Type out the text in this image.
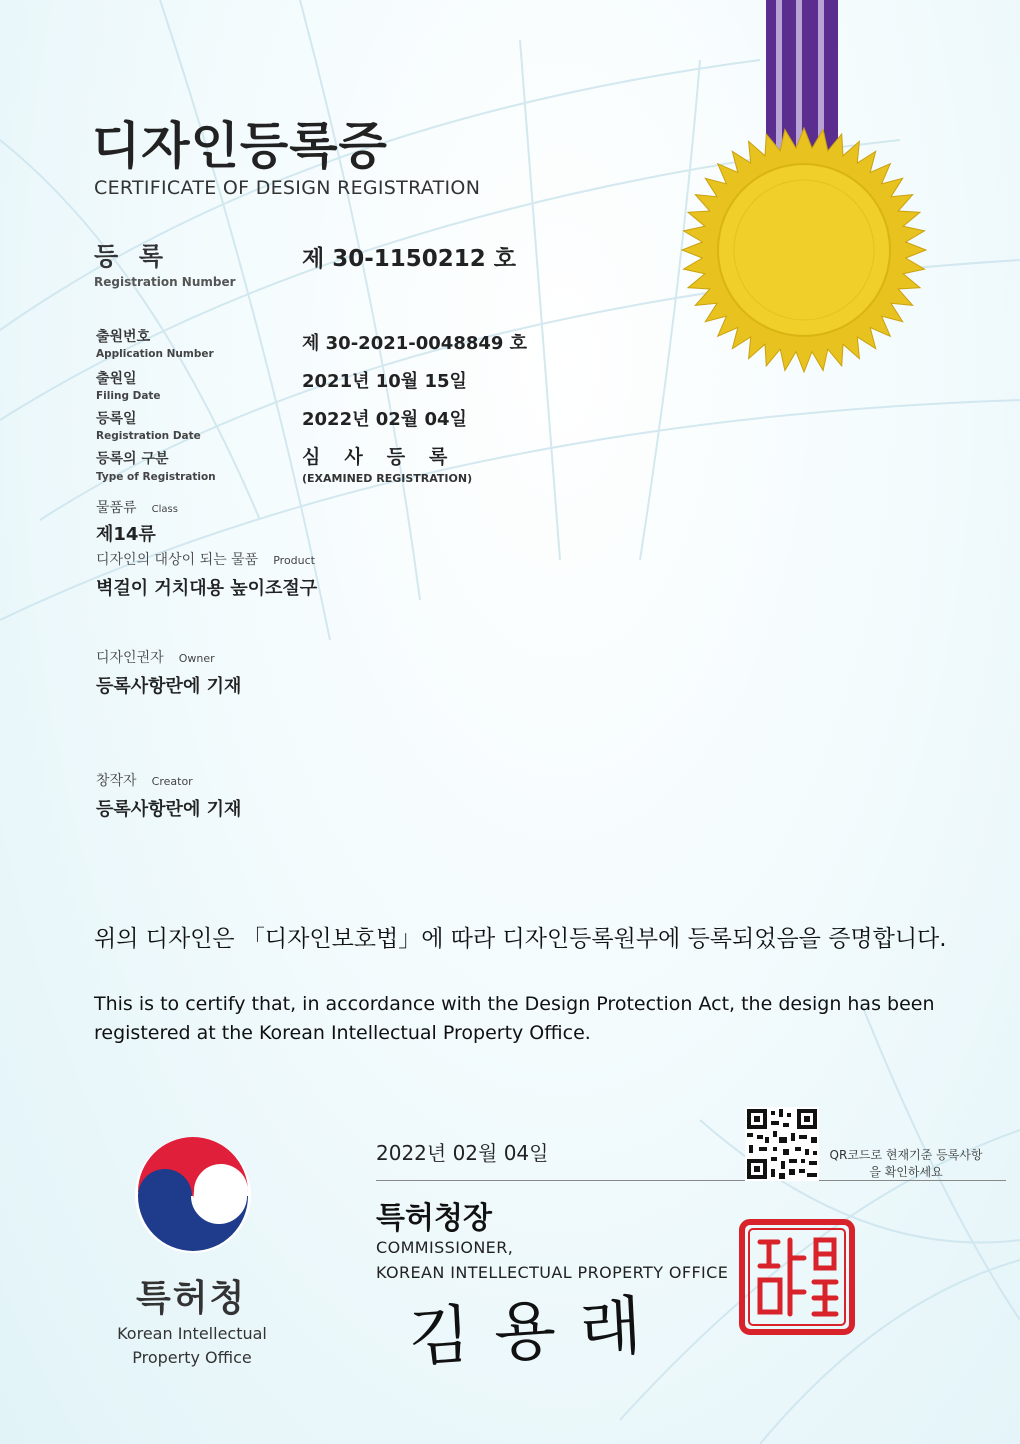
디자인등록증
CERTIFICATE OF DESIGN REGISTRATION
등 록
Registration Number
제 30-1150212 호
출원번호
Application Number	제 30-2021-0048849 호
출원일
Filing Date
2021년 10월 15일
등록일
Registration Date
2022년 02월 04일
등록의 구분
Type of Registration
심사등록
(EXAMINED REGISTRATION)
물품류 Class
제14류
디자인의 대상이 되는 물품 Product
벽걸이 거치대용 높이조절구
디자인권자 Owner
등록사항란에 기재
창작자 Creator
등록사항란에 기재
위의 디자인은 「디자인보호법」에 따라 디자인등록원부에 등록되었음을 증명합니다.
This is to certify that, in accordance with the Design Protection Act, the design has been registered at the Korean Intellectual Property Office.
특허청
Korean Intellectual Property Office
2022년 02월 04일
특허청장
COMMISSIONER,
KOREAN INTELLECTUAL PROPERTY OFFICE
김용래
QR코드로 현재기준 등록사항을 확인하세요
